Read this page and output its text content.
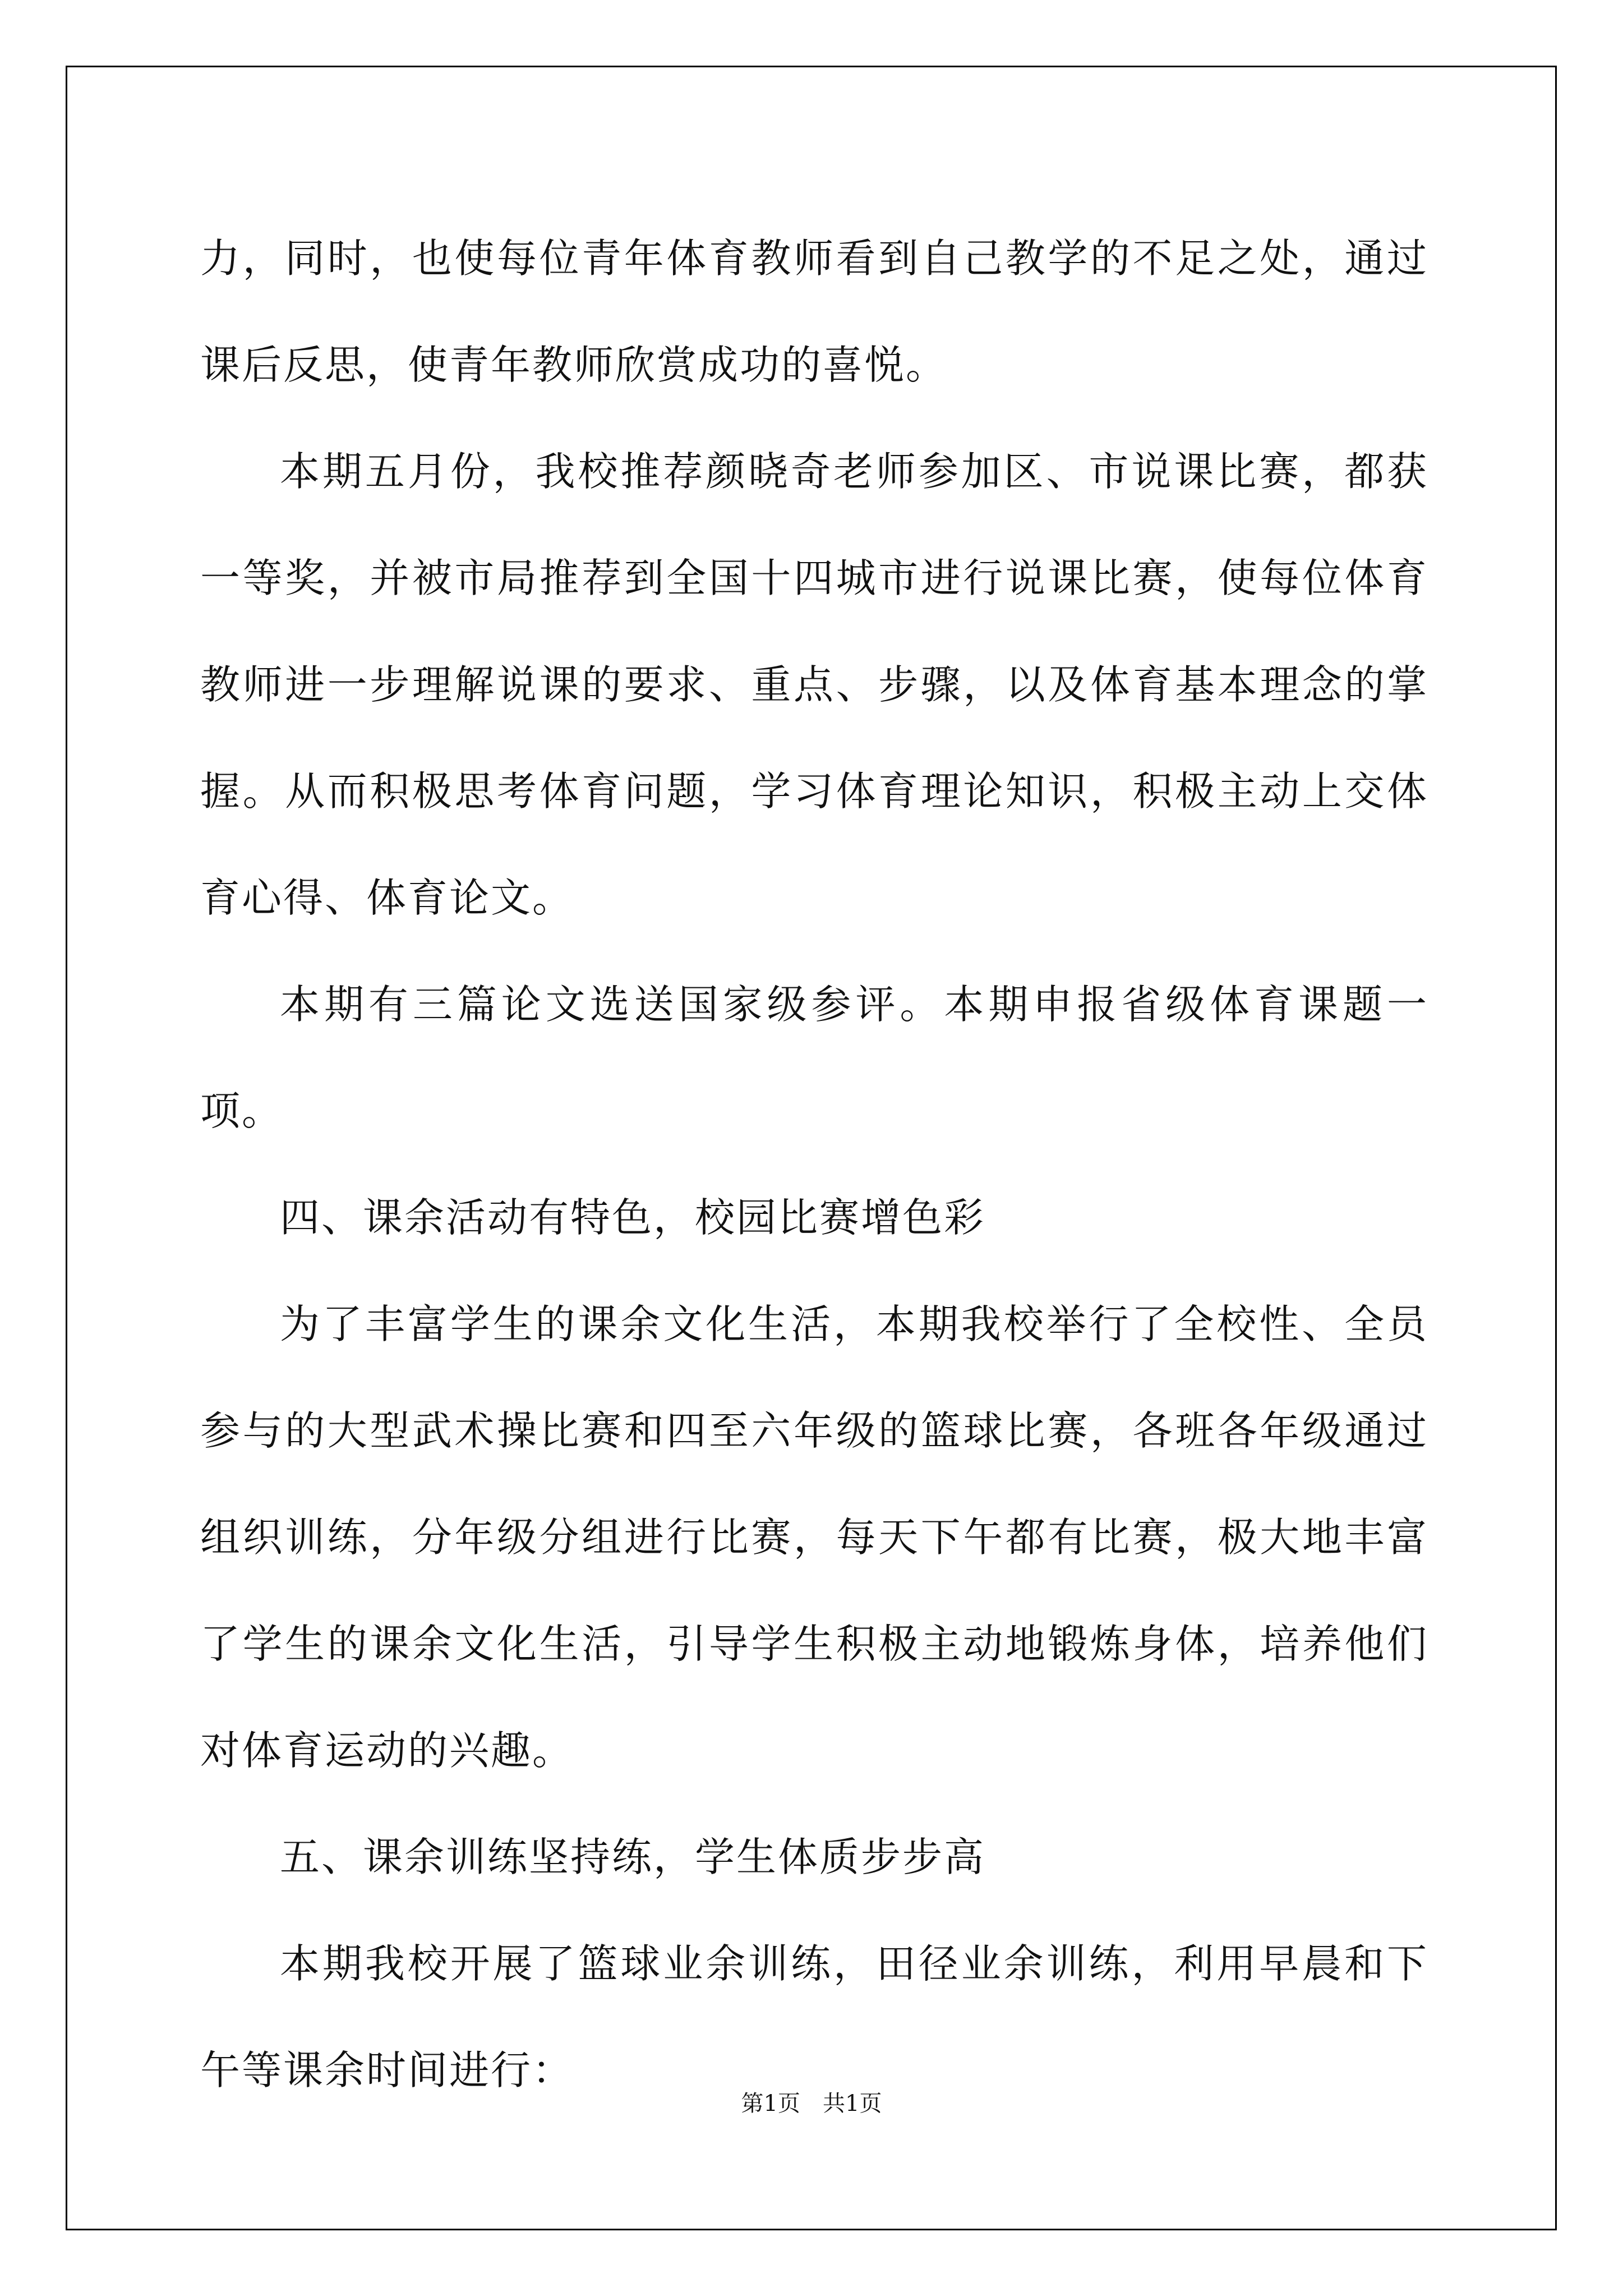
力，同时，也使每位青年体育教师看到自己教学的不足之处，通过课后反思，使青年教师欣赏成功的喜悦。

本期五月份，我校推荐颜晓奇老师参加区、市说课比赛，都获一等奖，并被市局推荐到全国十四城市进行说课比赛，使每位体育教师进一步理解说课的要求、重点、步骤，以及体育基本理念的掌握。从而积极思考体育问题，学习体育理论知识，积极主动上交体育心得、体育论文。

本期有三篇论文选送国家级参评。本期申报省级体育课题一项。

四、课余活动有特色，校园比赛增色彩

为了丰富学生的课余文化生活，本期我校举行了全校性、全员参与的大型武术操比赛和四至六年级的篮球比赛，各班各年级通过组织训练，分年级分组进行比赛，每天下午都有比赛，极大地丰富了学生的课余文化生活，引导学生积极主动地锻炼身体，培养他们对体育运动的兴趣。

五、课余训练坚持练，学生体质步步高

本期我校开展了篮球业余训练，田径业余训练，利用早晨和下午等课余时间进行：

第1页 共1页
